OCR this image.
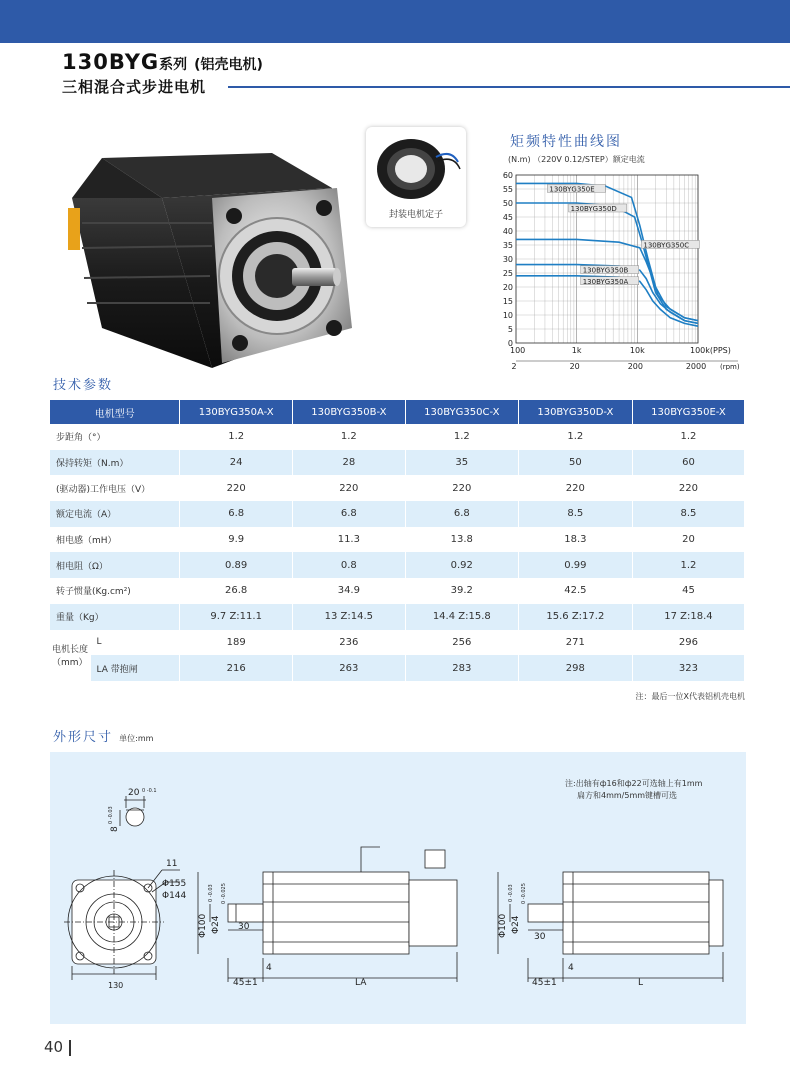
130BYG系列 (铝壳电机)
三相混合式步进电机
封装电机定子
矩频特性曲线图
(N.m) （220V 0.12/STEP）额定电流
60
55
50
45
40
35
30
25
20
15
10
5
0
100	1k	10k	100k(PPS)
2	20	200	2000 (rpm)
130BYG350E
130BYG350D
130BYG350C
130BYG350B
130BYG350A
技术参数
电机型号		130BYG350A-X	130BYG350B-X	130BYG350C-X	130BYG350D-X	130BYG350E-X
步距角（°）		1.2	1.2	1.2	1.2	1.2
保持转矩（N.m）		24	28	35	50	60
(驱动器)工作电压（V）		220	220	220	220	220
额定电流（A）		6.8	6.8	6.8	8.5	8.5
相电感（mH）		9.9	11.3	13.8	18.3	20
相电阻（Ω）		0.89	0.8	0.92	0.99	1.2
转子惯量(Kg.cm²)		26.8	34.9	39.2	42.5	45
重量（Kg）		9.7 Z:11.1	13 Z:14.5	14.4 Z:15.8	15.6 Z:17.2	17 Z:18.4
电机长度
（mm）	L	189	236	256	271	296
	LA 带抱闸	216	263	283	298	323
注：最后一位X代表铝机壳电机
外形尺寸 单位:mm
20 0 -0.1
8
0 -0.03
11
Φ155
Φ144
130
Φ100
0 -0.03
Φ24
0 -0.025
30
4
45±1	LA
Φ100
0 -0.03
Φ24
0 -0.025
30
4
45±1	L
注:出轴有ф16和ф22可选轴上有1mm
扁方和4mm/5mm键槽可选
40
